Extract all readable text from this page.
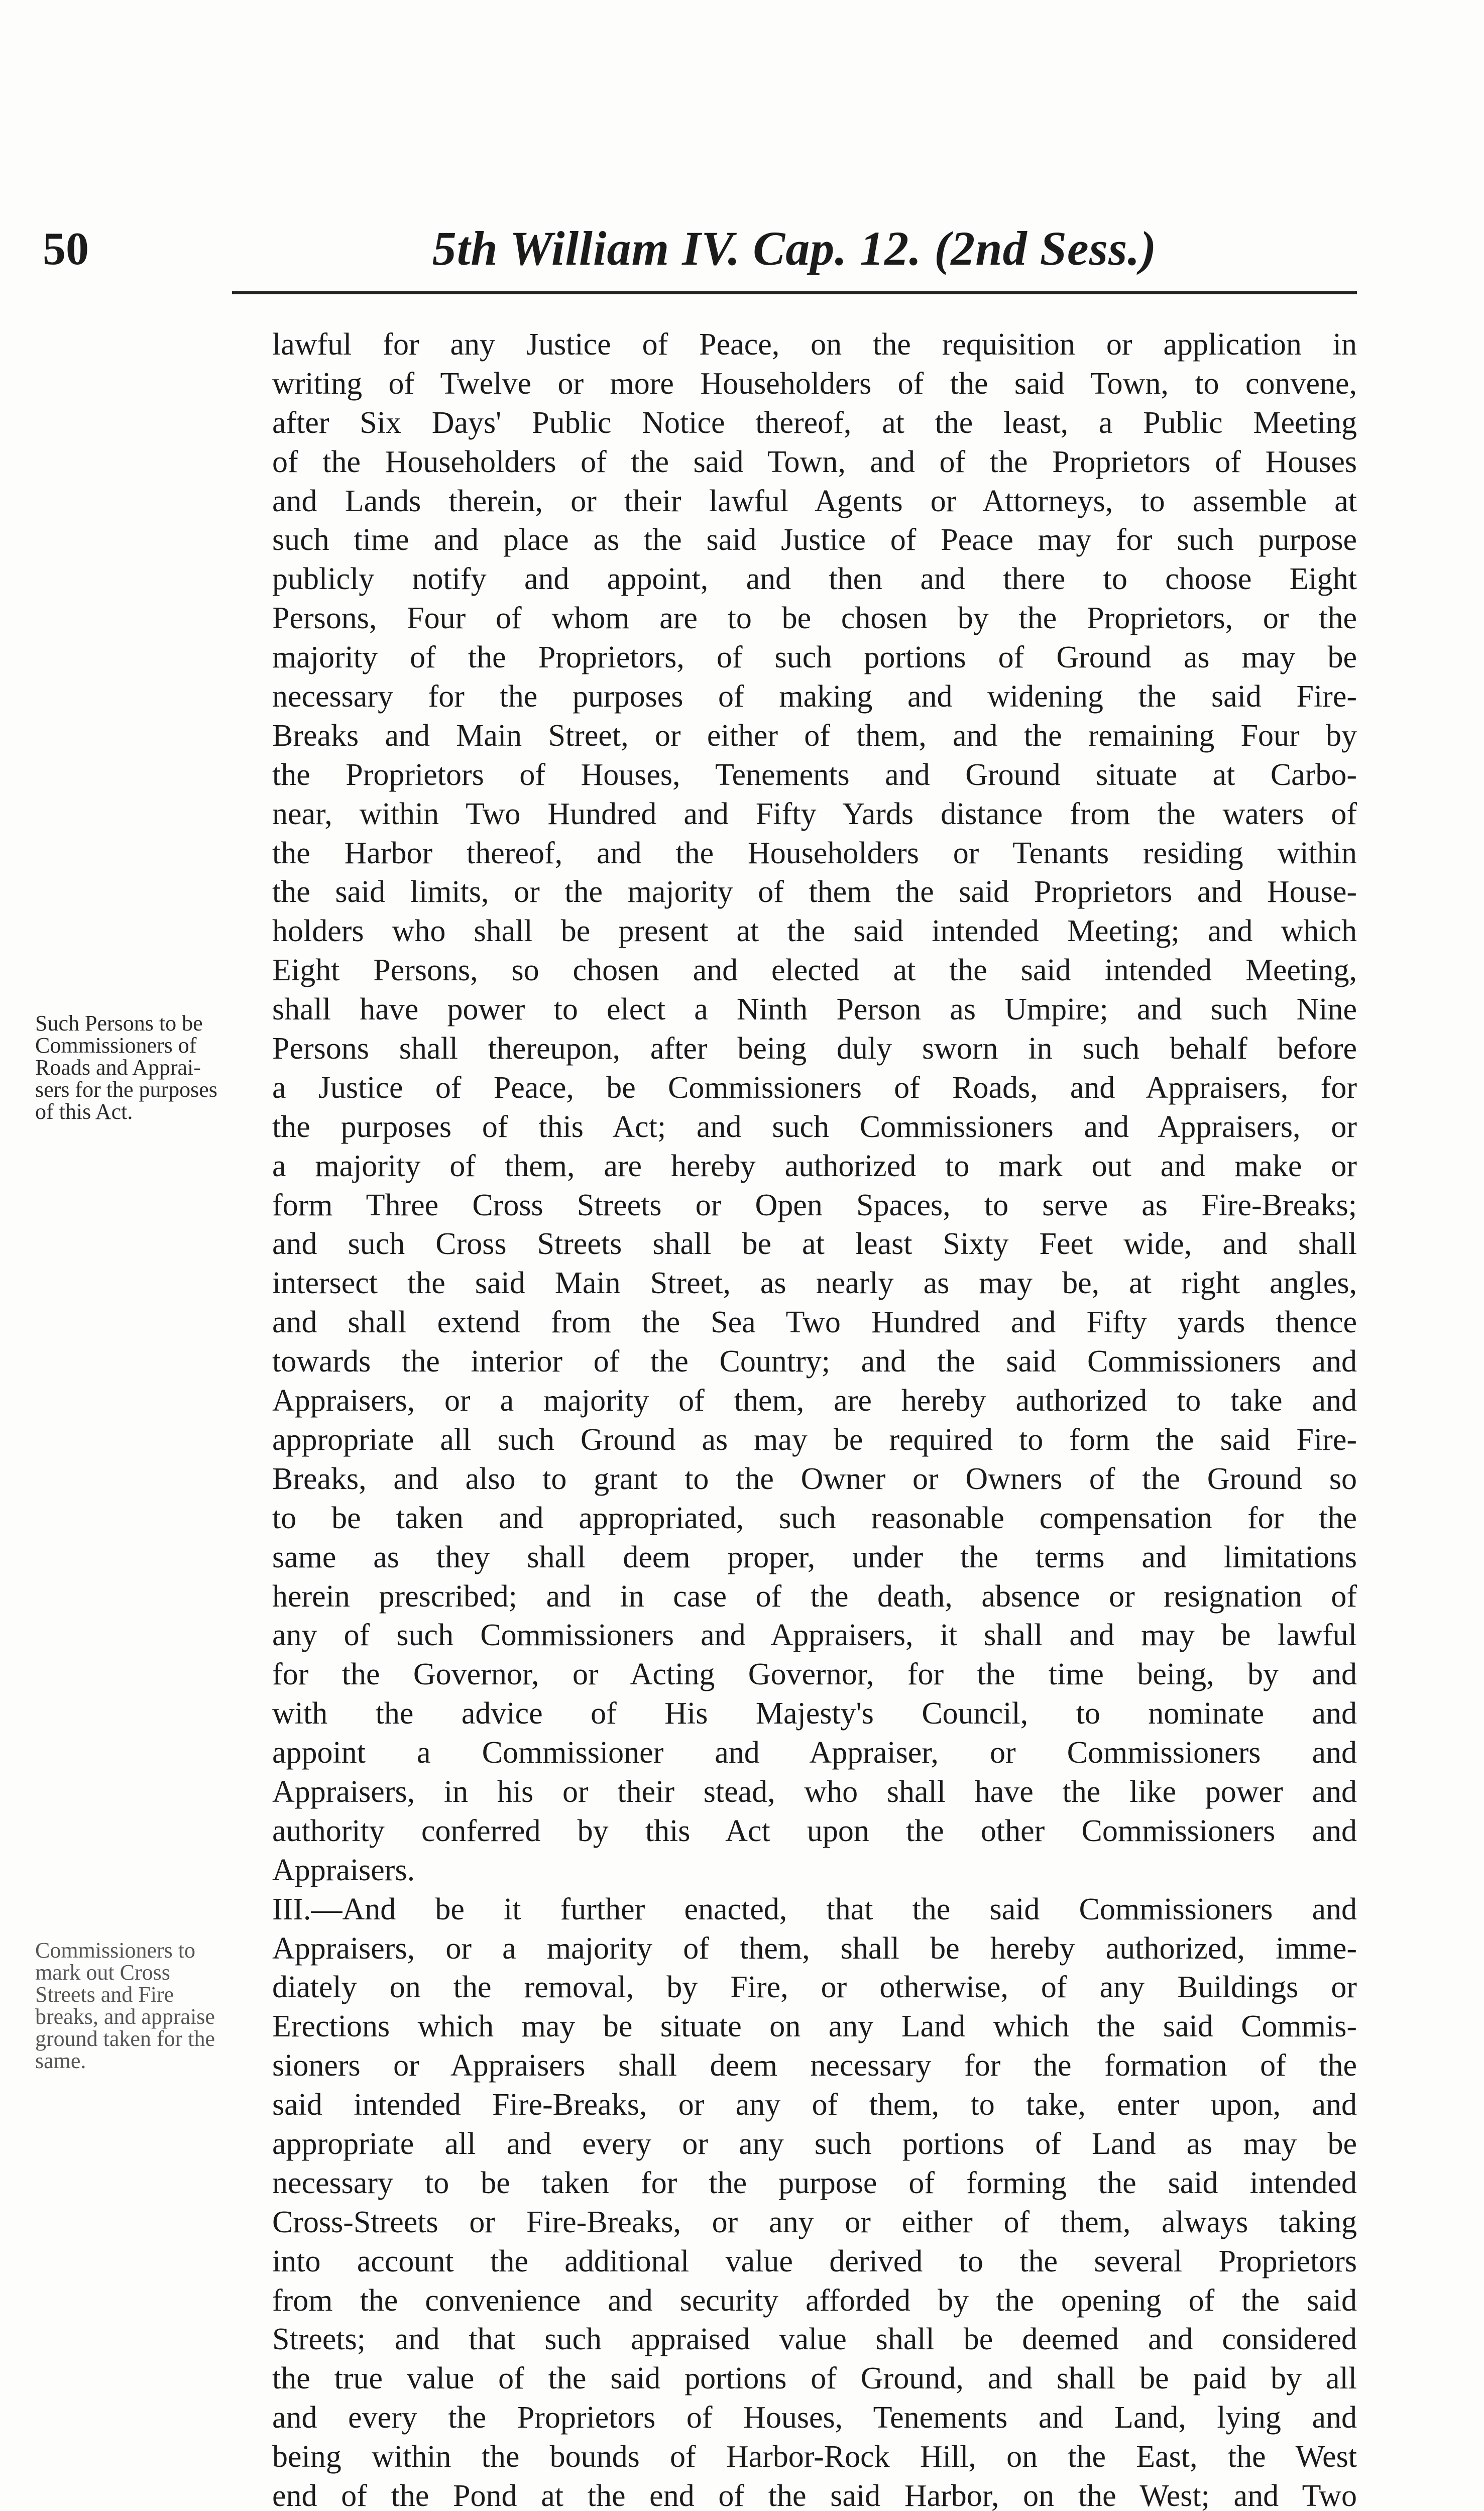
50	5th William IV. Cap. 12. (2nd Sess.)
Such Persons to be
Commissioners of
Roads and Apprai-
sers for the purposes
of this Act.
Commissioners to
mark out Cross
Streets and Fire
breaks, and appraise
ground taken for the
same.
lawful for any Justice of Peace, on the requisition or application in
writing of Twelve or more Householders of the said Town, to convene,
after Six Days' Public Notice thereof, at the least, a Public Meeting
of the Householders of the said Town, and of the Proprietors of Houses
and Lands therein, or their lawful Agents or Attorneys, to assemble at
such time and place as the said Justice of Peace may for such purpose
publicly notify and appoint, and then and there to choose Eight
Persons, Four of whom are to be chosen by the Proprietors, or the
majority of the Proprietors, of such portions of Ground as may be
necessary for the purposes of making and widening the said Fire-
Breaks and Main Street, or either of them, and the remaining Four by
the Proprietors of Houses, Tenements and Ground situate at Carbo-
near, within Two Hundred and Fifty Yards distance from the waters of
the Harbor thereof, and the Householders or Tenants residing within
the said limits, or the majority of them the said Proprietors and House-
holders who shall be present at the said intended Meeting; and which
Eight Persons, so chosen and elected at the said intended Meeting,
shall have power to elect a Ninth Person as Umpire; and such Nine
Persons shall thereupon, after being duly sworn in such behalf before
a Justice of Peace, be Commissioners of Roads, and Appraisers, for
the purposes of this Act; and such Commissioners and Appraisers, or
a majority of them, are hereby authorized to mark out and make or
form Three Cross Streets or Open Spaces, to serve as Fire-Breaks;
and such Cross Streets shall be at least Sixty Feet wide, and shall
intersect the said Main Street, as nearly as may be, at right angles,
and shall extend from the Sea Two Hundred and Fifty yards thence
towards the interior of the Country; and the said Commissioners and
Appraisers, or a majority of them, are hereby authorized to take and
appropriate all such Ground as may be required to form the said Fire-
Breaks, and also to grant to the Owner or Owners of the Ground so
to be taken and appropriated, such reasonable compensation for the
same as they shall deem proper, under the terms and limitations
herein prescribed; and in case of the death, absence or resignation of
any of such Commissioners and Appraisers, it shall and may be lawful
for the Governor, or Acting Governor, for the time being, by and
with the advice of His Majesty's Council, to nominate and
appoint a Commissioner and Appraiser, or Commissioners and
Appraisers, in his or their stead, who shall have the like power and
authority conferred by this Act upon the other Commissioners and
Appraisers.
III.—And be it further enacted, that the said Commissioners and
Appraisers, or a majority of them, shall be hereby authorized, imme-
diately on the removal, by Fire, or otherwise, of any Buildings or
Erections which may be situate on any Land which the said Commis-
sioners or Appraisers shall deem necessary for the formation of the
said intended Fire-Breaks, or any of them, to take, enter upon, and
appropriate all and every or any such portions of Land as may be
necessary to be taken for the purpose of forming the said intended
Cross-Streets or Fire-Breaks, or any or either of them, always taking
into account the additional value derived to the several Proprietors
from the convenience and security afforded by the opening of the said
Streets; and that such appraised value shall be deemed and considered
the true value of the said portions of Ground, and shall be paid by all
and every the Proprietors of Houses, Tenements and Land, lying and
being within the bounds of Harbor-Rock Hill, on the East, the West
end of the Pond at the end of the said Harbor, on the West; and Two
